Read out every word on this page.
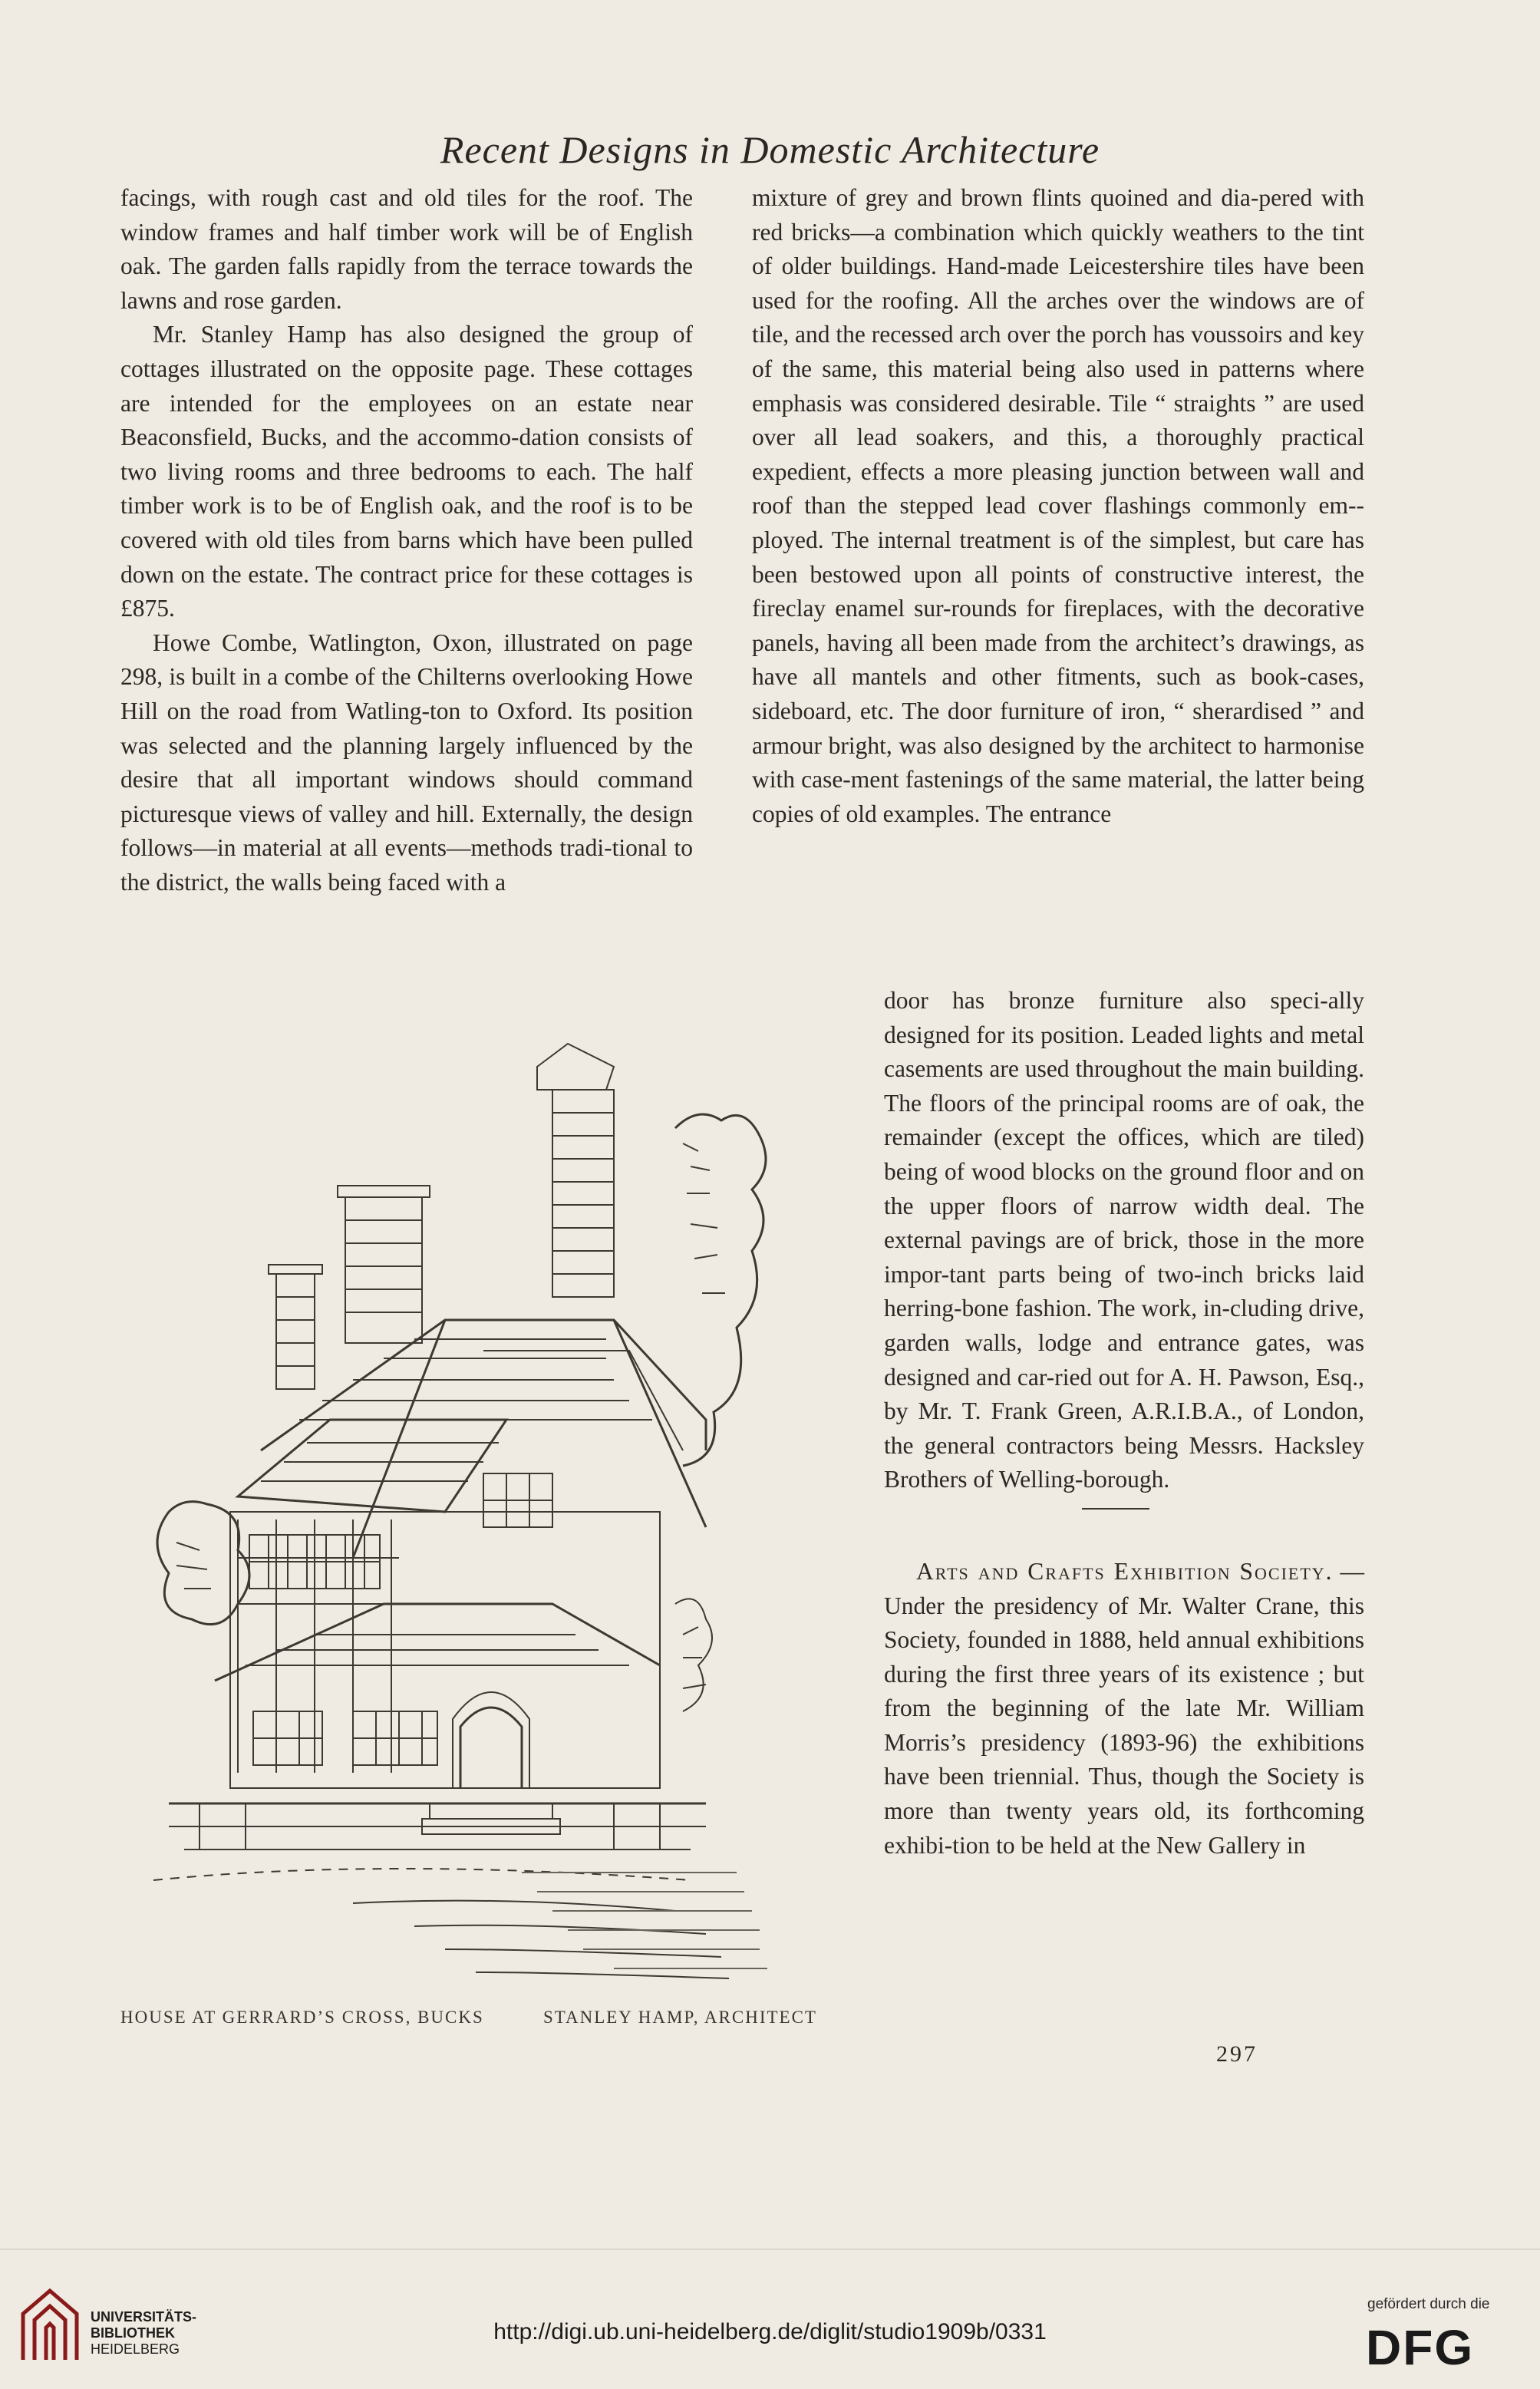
Recent Designs in Domestic Architecture

facings, with rough cast and old tiles for the roof. The window frames and half timber work will be of English oak. The garden falls rapidly from the terrace towards the lawns and rose garden.

Mr. Stanley Hamp has also designed the group of cottages illustrated on the opposite page. These cottages are intended for the employees on an estate near Beaconsfield, Bucks, and the accommo-dation consists of two living rooms and three bedrooms to each. The half timber work is to be of English oak, and the roof is to be covered with old tiles from barns which have been pulled down on the estate. The contract price for these cottages is £875.

Howe Combe, Watlington, Oxon, illustrated on page 298, is built in a combe of the Chilterns overlooking Howe Hill on the road from Watling-ton to Oxford. Its position was selected and the planning largely influenced by the desire that all important windows should command picturesque views of valley and hill. Externally, the design follows—in material at all events—methods tradi-tional to the district, the walls being faced with a

mixture of grey and brown flints quoined and dia-pered with red bricks—a combination which quickly weathers to the tint of older buildings. Hand-made Leicestershire tiles have been used for the roofing. All the arches over the windows are of tile, and the recessed arch over the porch has voussoirs and key of the same, this material being also used in patterns where emphasis was considered desirable. Tile “ straights ” are used over all lead soakers, and this, a thoroughly practical expedient, effects a more pleasing junction between wall and roof than the stepped lead cover flashings commonly em-ployed. The internal treatment is of the simplest, but care has been bestowed upon all points of constructive interest, the fireclay enamel sur-rounds for fireplaces, with the decorative panels, having all been made from the architect’s drawings, as have all mantels and other fitments, such as book-cases, sideboard, etc. The door furniture of iron, “ sherardised ” and armour bright, was also designed by the architect to harmonise with case-ment fastenings of the same material, the latter being copies of old examples. The entrance

door has bronze furniture also speci-ally designed for its position. Leaded lights and metal casements are used throughout the main building. The floors of the principal rooms are of oak, the remainder (except the offices, which are tiled) being of wood blocks on the ground floor and on the upper floors of narrow width deal. The external pavings are of brick, those in the more impor-tant parts being of two-inch bricks laid herring-bone fashion. The work, in-cluding drive, garden walls, lodge and entrance gates, was designed and car-ried out for A. H. Pawson, Esq., by Mr. T. Frank Green, A.R.I.B.A., of London, the general contractors being Messrs. Hacksley Brothers of Welling-borough.

Arts and Crafts Exhibition Society. — Under the presidency of Mr. Walter Crane, this Society, founded in 1888, held annual exhibitions during the first three years of its existence ; but from the beginning of the late Mr. William Morris’s presidency (1893-96) the exhibitions have been triennial. Thus, though the Society is more than twenty years old, its forthcoming exhibi-tion to be held at the New Gallery in

HOUSE AT GERRARD’S CROSS, BUCKS	STANLEY HAMP, ARCHITECT
297
UNIVERSITÄTS-
BIBLIOTHEK
HEIDELBERG
http://digi.ub.uni-heidelberg.de/diglit/studio1909b/0331
gefördert durch die
DFG
